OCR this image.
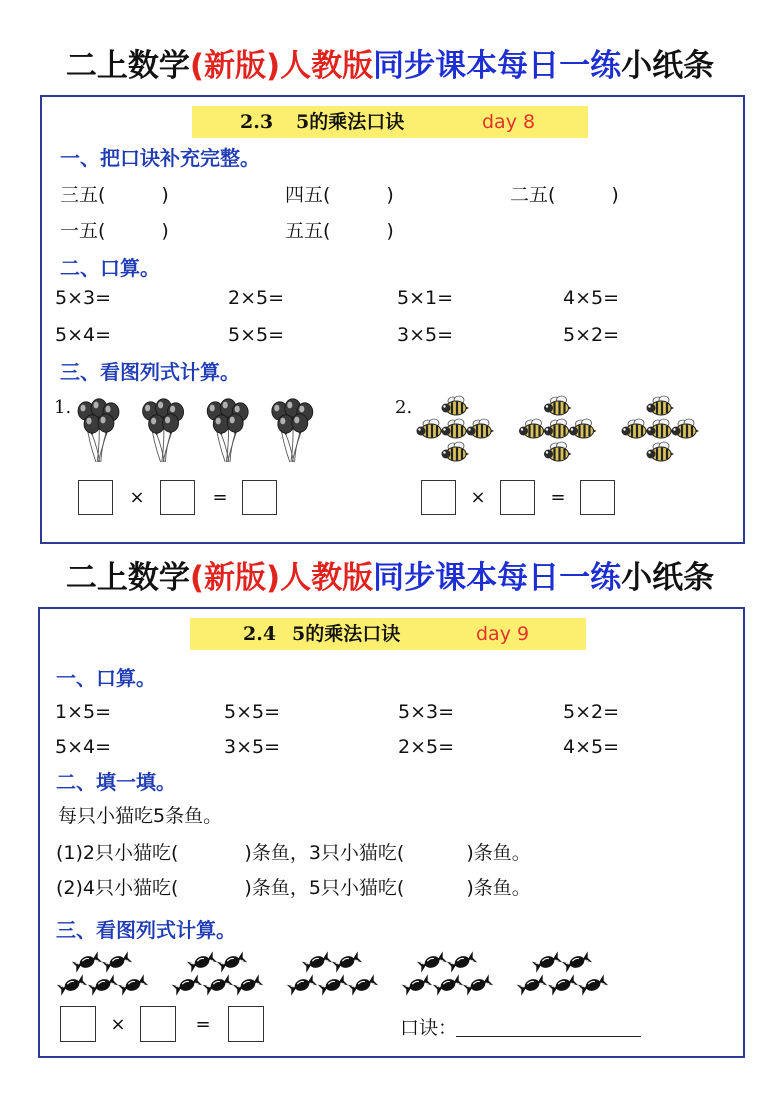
二上数学(新版)人教版同步课本每日一练小纸条
2.3 5的乘法口诀	day 8
一、把口诀补充完整。
三五(	)	四五(	)	二五(	)
一五(	)	五五(	)
二、口算。
5×3=	2×5=	5×1=	4×5=
5×4=	5×5=	3×5=	5×2=
三、看图列式计算。
1.	2.
×	=	×	=
二上数学(新版)人教版同步课本每日一练小纸条
2.4 5的乘法口诀	day 9
一、口算。
1×5=	5×5=	5×3=	5×2=
5×4=	3×5=	2×5=	4×5=
二、填一填。
每只小猫吃5条鱼。
(1)2只小猫吃(	)条鱼，3只小猫吃(	)条鱼。
(2)4只小猫吃(	)条鱼，5只小猫吃(	)条鱼。
三、看图列式计算。
×	=	口诀：
